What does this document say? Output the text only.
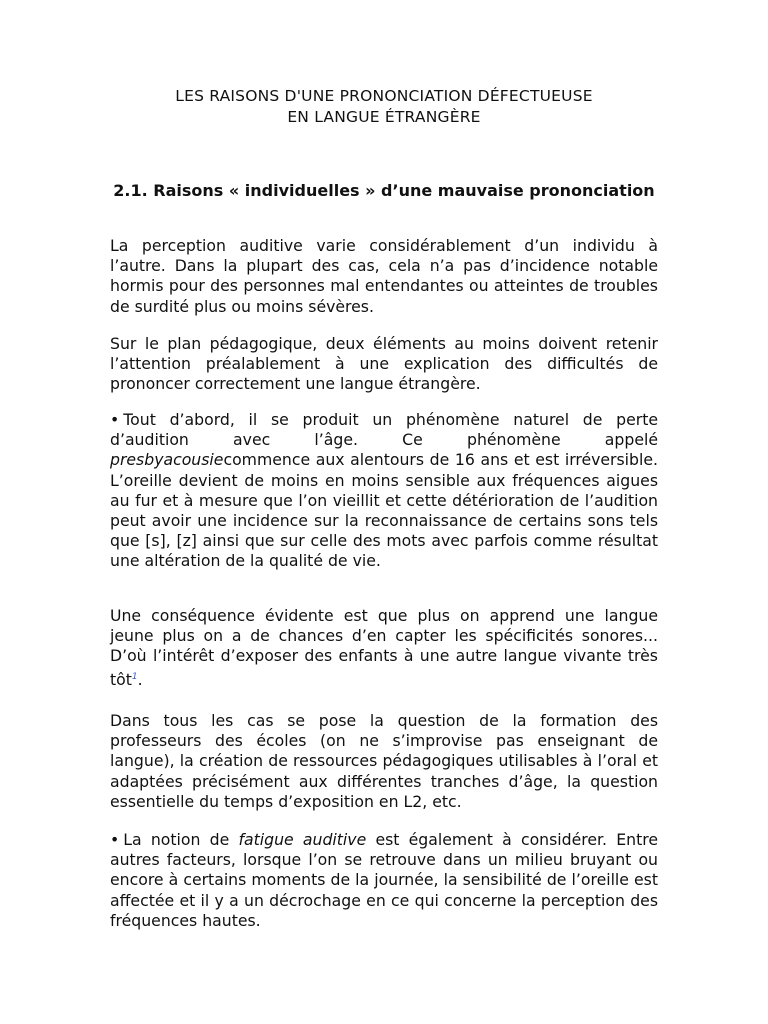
LES RAISONS D'UNE PRONONCIATION DÉFECTUEUSE
EN LANGUE ÉTRANGÈRE
2.1. Raisons « individuelles » d’une mauvaise prononciation

La perception auditive varie considérablement d’un individu à l’autre. Dans la plupart des cas, cela n’a pas d’incidence notable hormis pour des personnes mal entendantes ou atteintes de troubles de surdité plus ou moins sévères.

Sur le plan pédagogique, deux éléments au moins doivent retenir l’attention préalablement à une explication des difficultés de prononcer correctement une langue étrangère.

• Tout d’abord, il se produit un phénomène naturel de perte d’audition avec l’âge. Ce phénomène appelé presbyacousiecommence aux alentours de 16 ans et est irréversible. L’oreille devient de moins en moins sensible aux fréquences aigues au fur et à mesure que l’on vieillit et cette détérioration de l’audition peut avoir une incidence sur la reconnaissance de certains sons tels que [s], [z] ainsi que sur celle des mots avec parfois comme résultat une altération de la qualité de vie.

Une conséquence évidente est que plus on apprend une langue jeune plus on a de chances d’en capter les spécificités sonores... D’où l’intérêt d’exposer des enfants à une autre langue vivante très tôt$^1$.

Dans tous les cas se pose la question de la formation des professeurs des écoles (on ne s’improvise pas enseignant de langue), la création de ressources pédagogiques utilisables à l’oral et adaptées précisément aux différentes tranches d’âge, la question essentielle du temps d’exposition en L2, etc.

• La notion de fatigue auditive est également à considérer. Entre autres facteurs, lorsque l’on se retrouve dans un milieu bruyant ou encore à certains moments de la journée, la sensibilité de l’oreille est affectée et il y a un décrochage en ce qui concerne la perception des fréquences hautes.
